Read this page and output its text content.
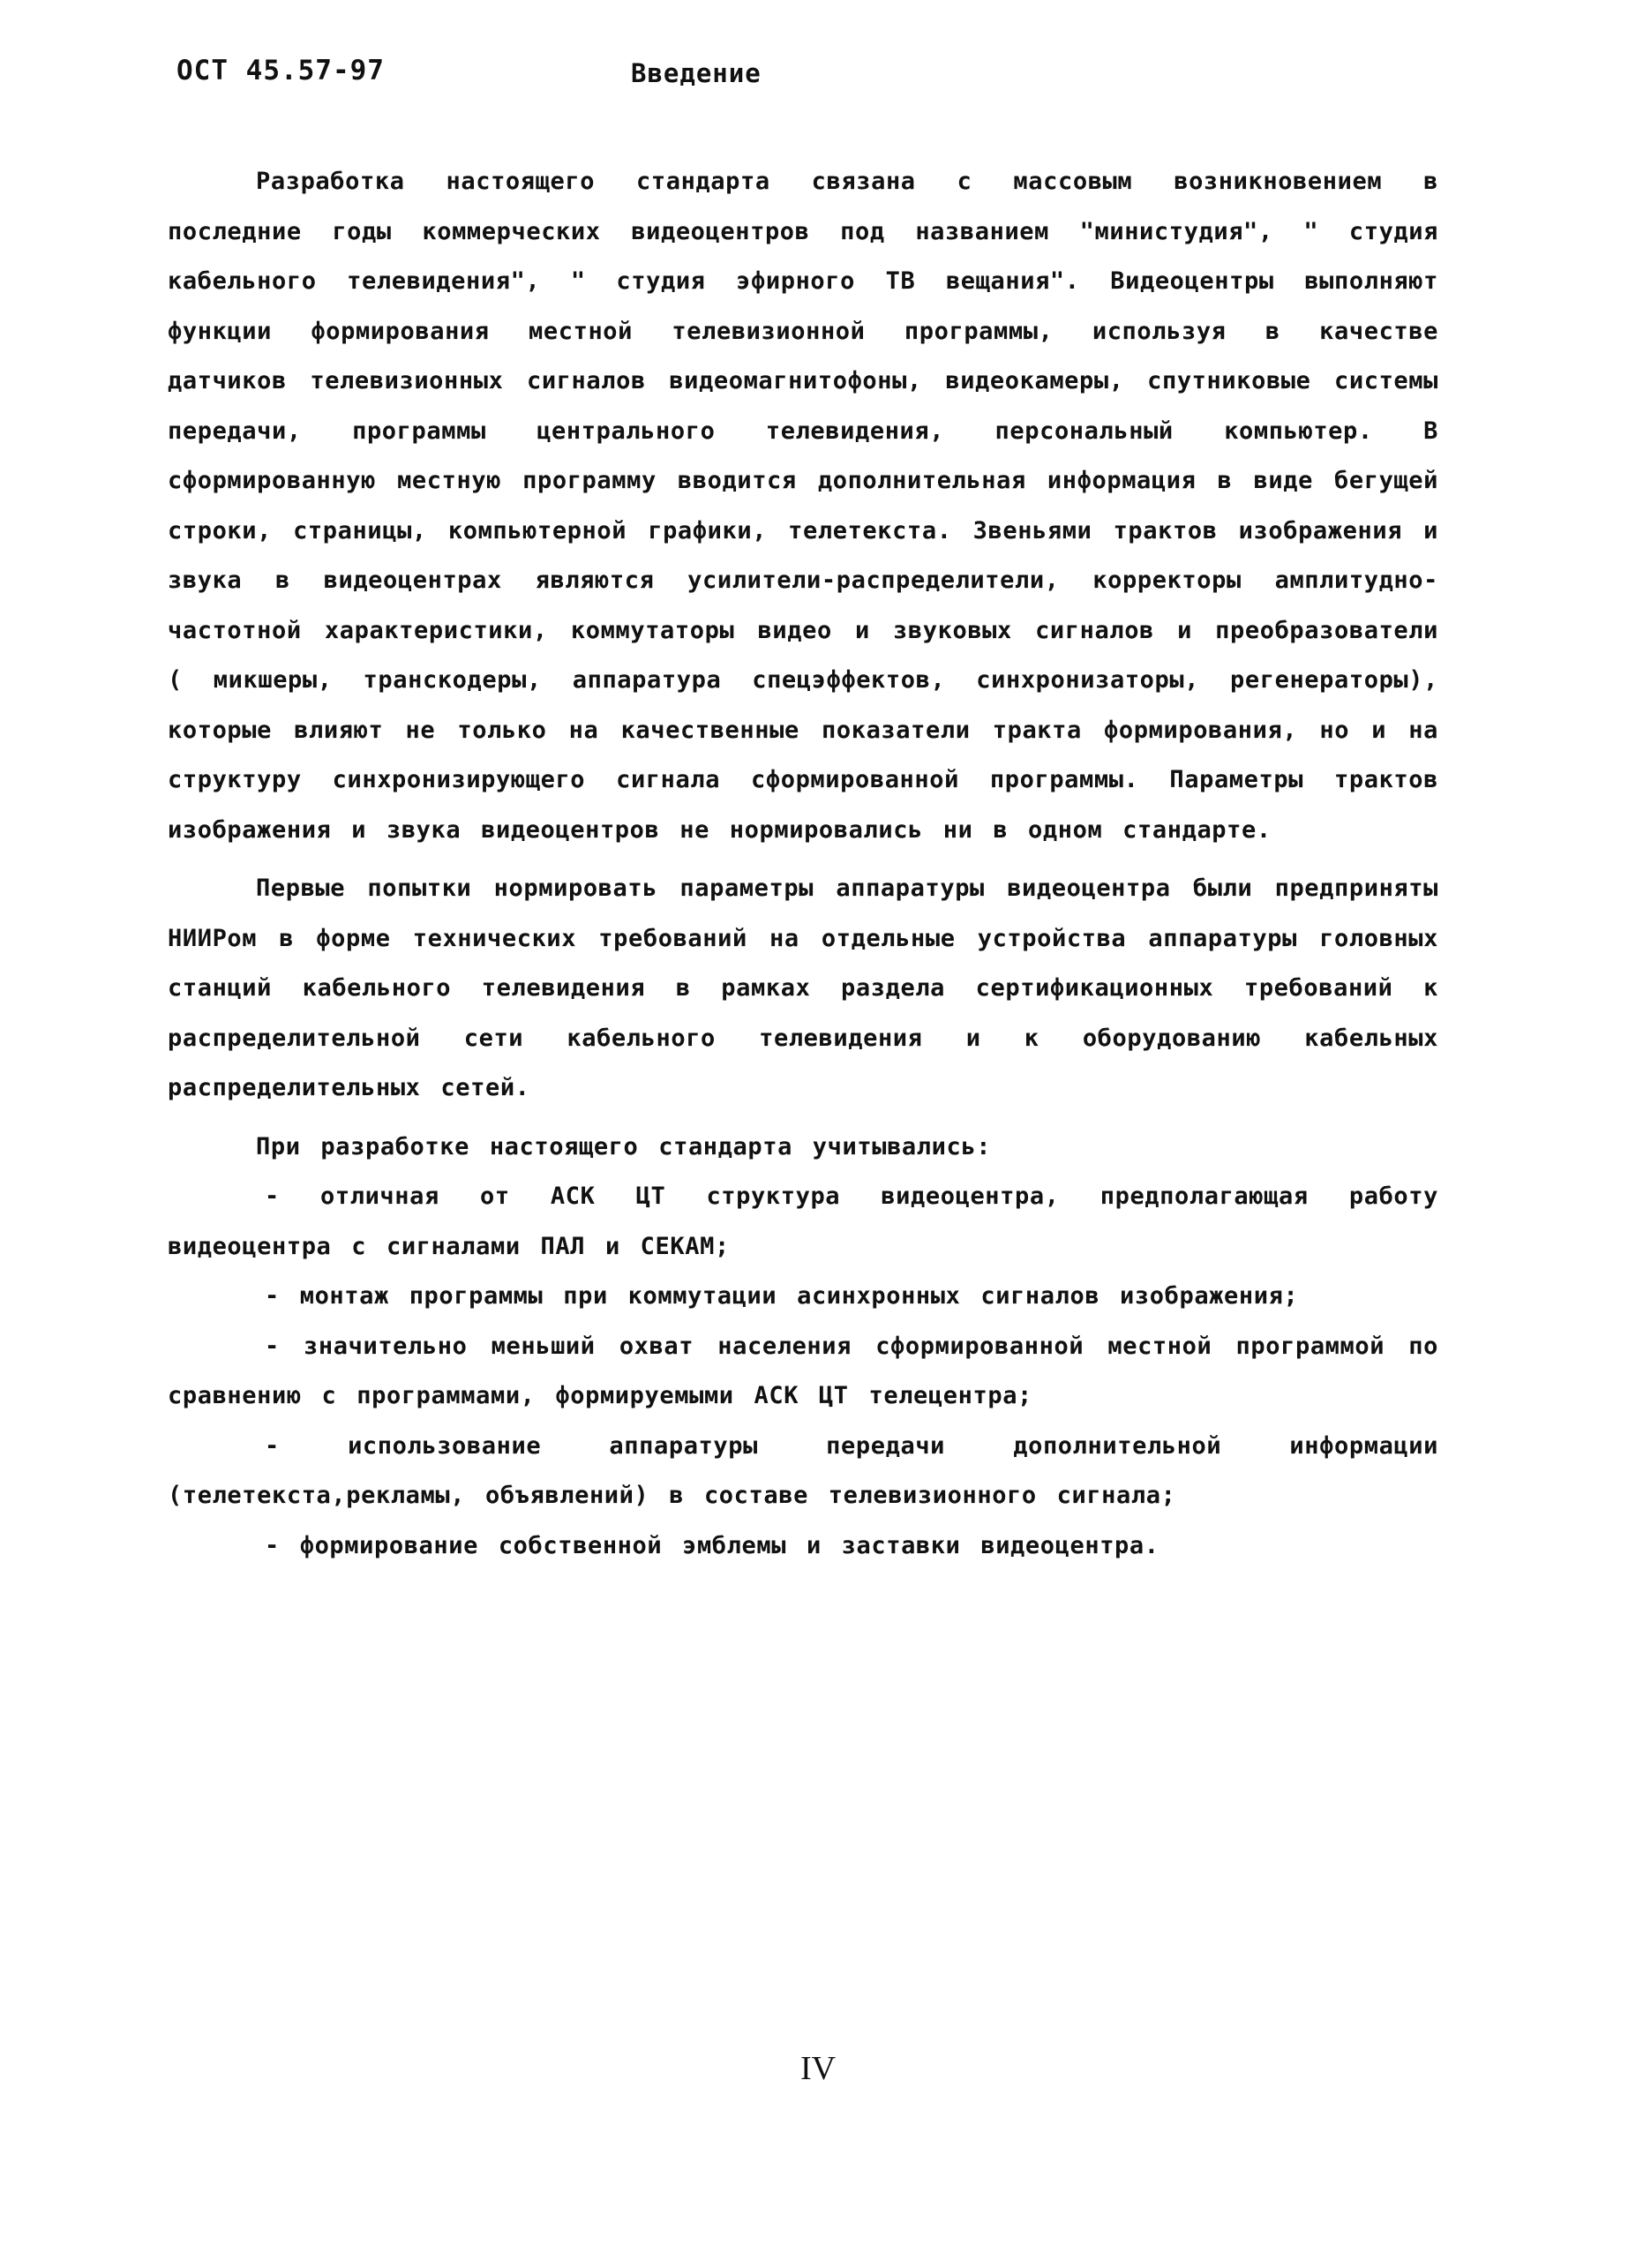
ОСТ 45.57-97	Введение

Разработка настоящего стандарта связана с массовым возникновением в последние годы коммерческих видеоцентров под названием "министудия", " студия кабельного телевидения", " студия эфирного ТВ вещания". Видеоцентры выполняют функции формирования местной телевизионной программы, используя в качестве датчиков телевизионных сигналов видеомагнитофоны, видеокамеры, спутниковые системы передачи, программы центрального телевидения, персональный компьютер. В сформированную местную программу вводится дополнительная информация в виде бегущей строки, страницы, компьютерной графики, телетекста. Звеньями трактов изображения и звука в видеоцентрах являются усилители-распределители, корректоры амплитудно-частотной характеристики, коммутаторы видео и звуковых сигналов и преобразователи ( микшеры, транскодеры, аппаратура спецэффектов, синхронизаторы, регенераторы), которые влияют не только на качественные показатели тракта формирования, но и на структуру синхронизирующего сигнала сформированной программы. Параметры трактов изображения и звука видеоцентров не нормировались ни в одном стандарте.

Первые попытки нормировать параметры аппаратуры видеоцентра были предприняты НИИРом в форме технических требований на отдельные устройства аппаратуры головных станций кабельного телевидения в рамках раздела сертификационных требований к распределительной сети кабельного телевидения и к оборудованию кабельных распределительных сетей.

При разработке настоящего стандарта учитывались:

- отличная от АСК ЦТ структура видеоцентра, предполагающая работу видеоцентра с сигналами ПАЛ и СЕКАМ;

- монтаж программы при коммутации асинхронных сигналов изображения;

- значительно меньший охват населения сформированной местной программой по сравнению с программами, формируемыми АСК ЦТ телецентра;

- использование аппаратуры передачи дополнительной информации (телетекста,рекламы, объявлений) в составе телевизионного сигнала;

- формирование собственной эмблемы и заставки видеоцентра.

IV
